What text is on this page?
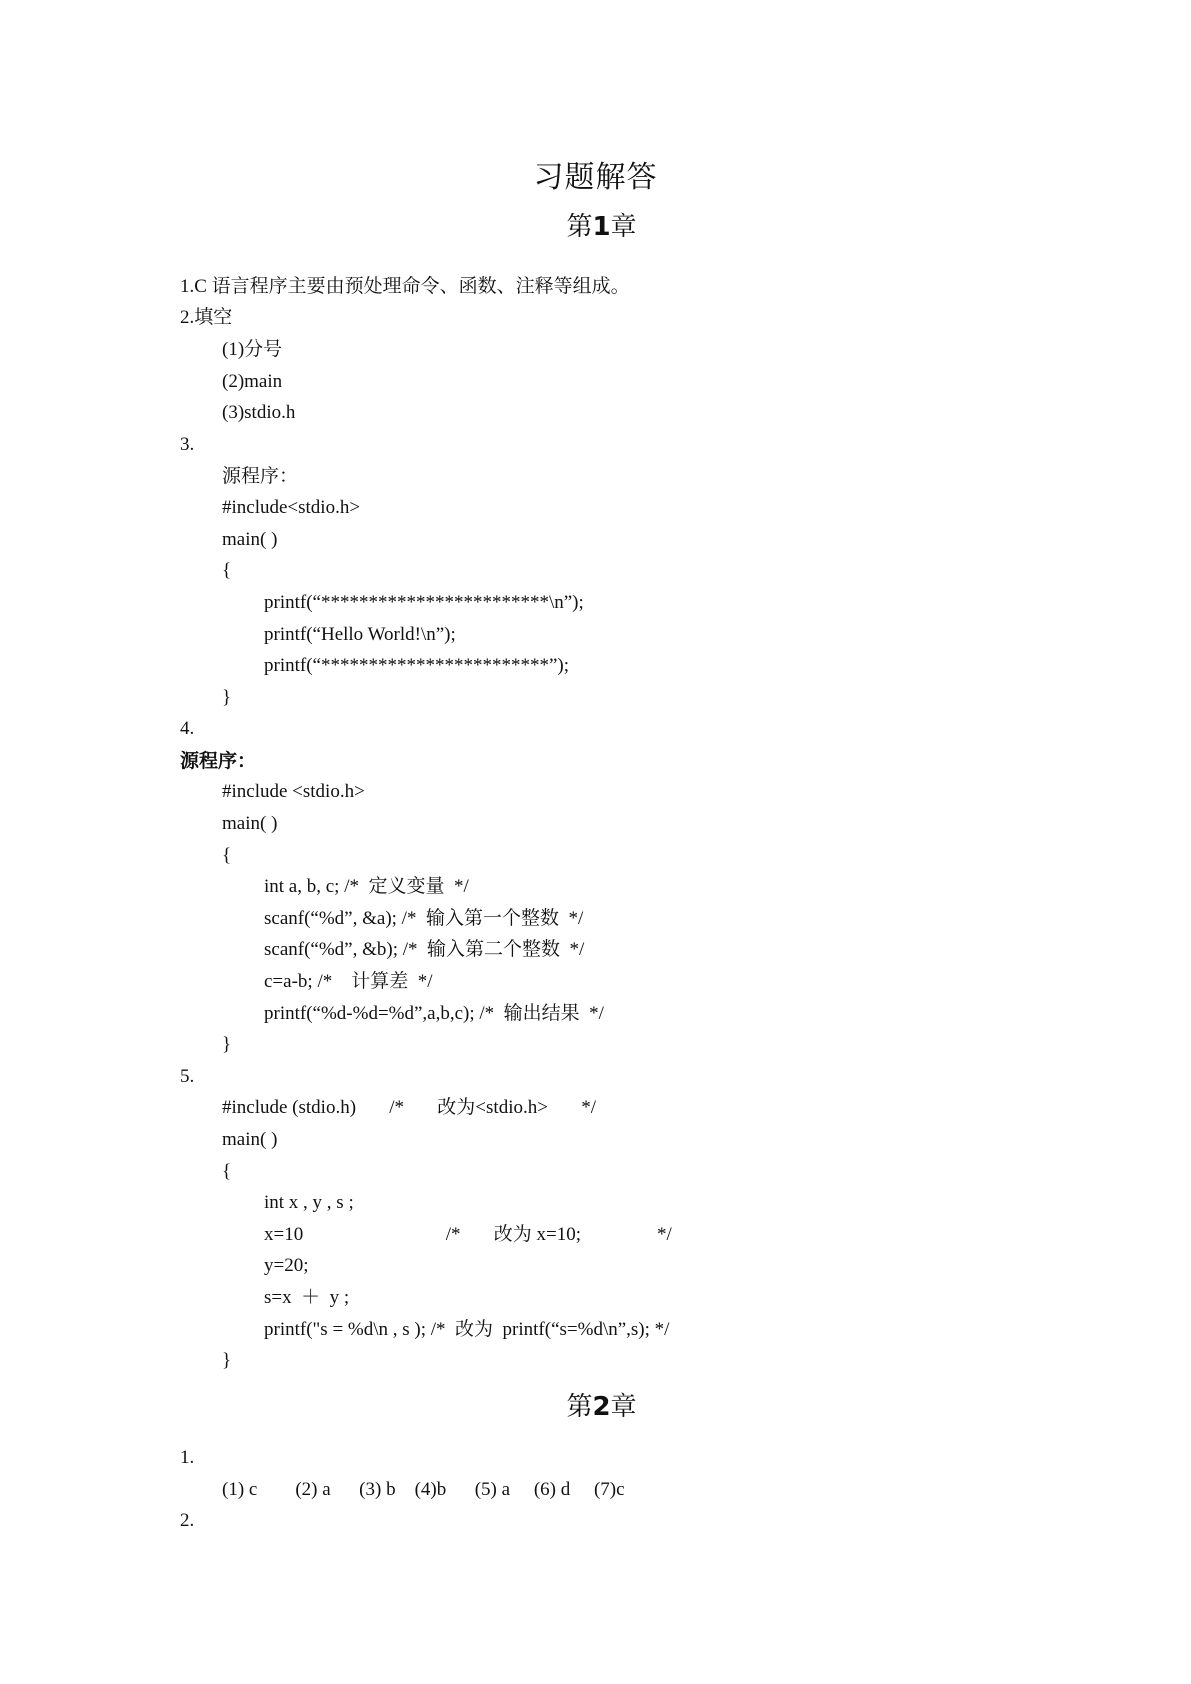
习题解答
第1章
1.C 语言程序主要由预处理命令、函数、注释等组成。
2.填空
(1)分号
(2)main
(3)stdio.h
3.
源程序：
#include<stdio.h>
main( )
{
printf(“************************\n”);
printf(“Hello World!\n”);
printf(“************************”);
}
4.
源程序：
#include <stdio.h>
main( )
{
int a, b, c; /*  定义变量  */
scanf(“%d”, &a); /*  输入第一个整数  */
scanf(“%d”, &b); /*  输入第二个整数  */
c=a-b; /*    计算差  */
printf(“%d-%d=%d”,a,b,c); /*  输出结果  */
}
5.
#include (stdio.h)       /*       改为<stdio.h>       */
main( )
{
int x , y , s ;
x=10                              /*       改为 x=10;                */
y=20;
s=x  ＋  y ;
printf("s = %d\n , s ); /*  改为  printf(“s=%d\n”,s); */
}
第2章
1.
(1) c        (2) a      (3) b    (4)b      (5) a     (6) d     (7)c
2.
